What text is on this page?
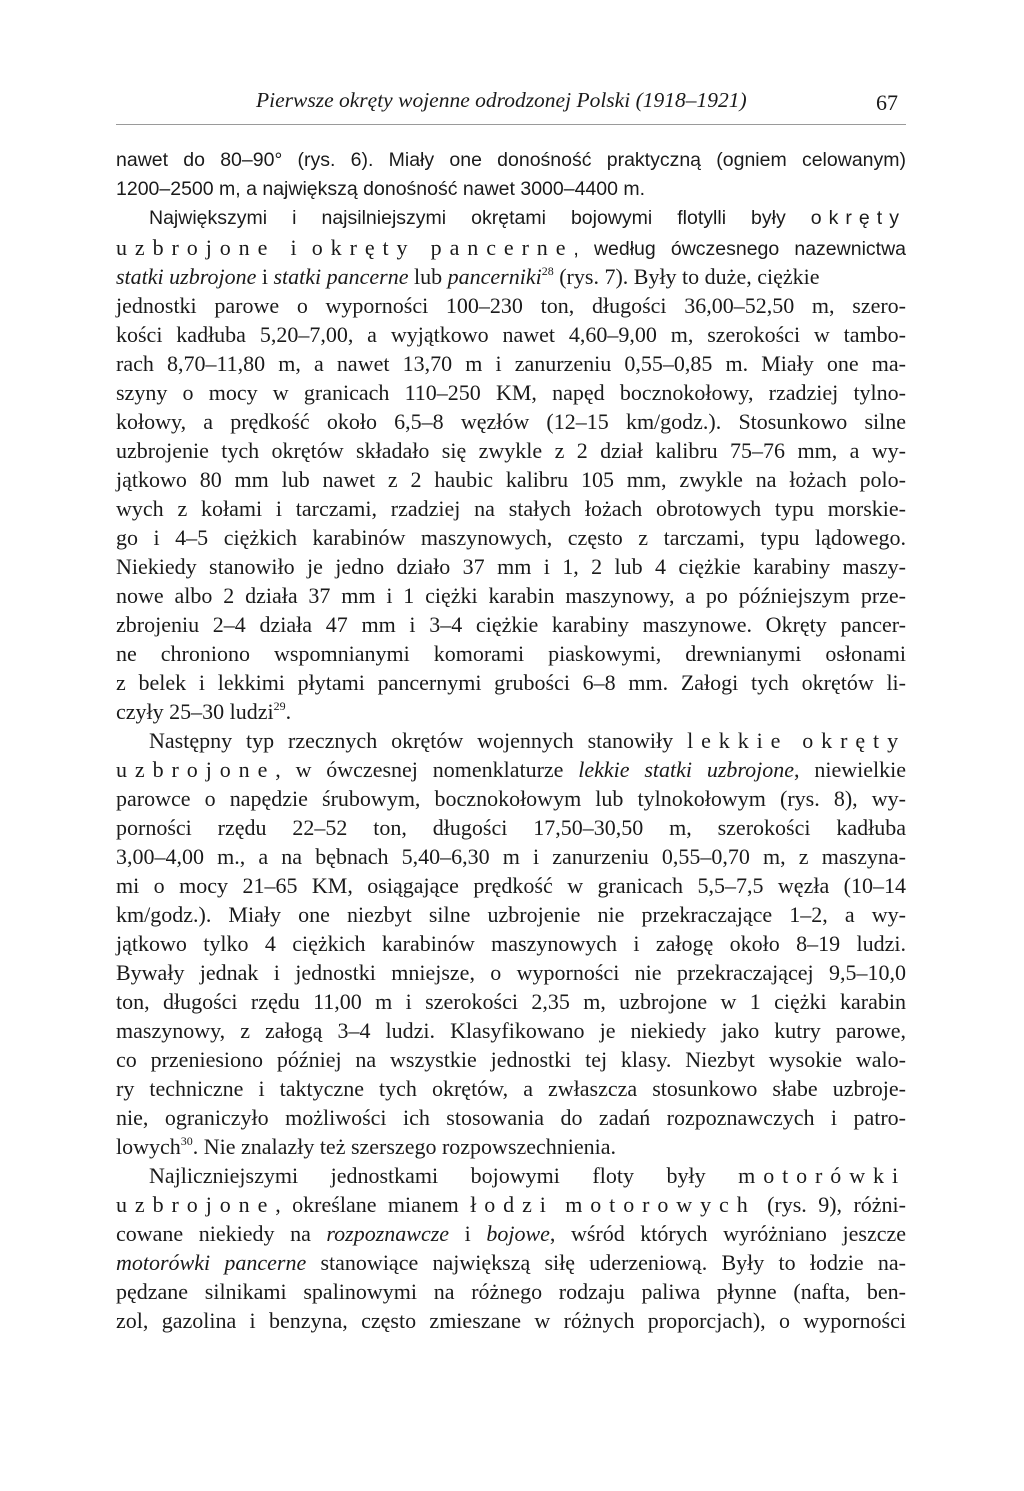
Pierwsze okręty wojenne odrodzonej Polski (1918–1921)	67
nawet do 80–90° (rys. 6). Miały one donośność praktyczną (ogniem celowanym)
1200–2500 m, a największą donośność nawet 3000–4400 m.
Największymi i najsilniejszymi okrętami bojowymi flotylli były okręty
uzbrojone i okręty pancerne, według ówczesnego nazewnictwa
statki uzbrojone i statki pancerne lub pancerniki$^{28}$ (rys. 7). Były to duże, ciężkie
jednostki parowe o wyporności 100–230 ton, długości 36,00–52,50 m, szero-
kości kadłuba 5,20–7,00, a wyjątkowo nawet 4,60–9,00 m, szerokości w tambo-
rach 8,70–11,80 m, a nawet 13,70 m i zanurzeniu 0,55–0,85 m. Miały one ma-
szyny o mocy w granicach 110–250 KM, napęd bocznokołowy, rzadziej tylno-
kołowy, a prędkość około 6,5–8 węzłów (12–15 km/godz.). Stosunkowo silne
uzbrojenie tych okrętów składało się zwykle z 2 dział kalibru 75–76 mm, a wy-
jątkowo 80 mm lub nawet z 2 haubic kalibru 105 mm, zwykle na łożach polo-
wych z kołami i tarczami, rzadziej na stałych łożach obrotowych typu morskie-
go i 4–5 ciężkich karabinów maszynowych, często z tarczami, typu lądowego.
Niekiedy stanowiło je jedno działo 37 mm i 1, 2 lub 4 ciężkie karabiny maszy-
nowe albo 2 działa 37 mm i 1 ciężki karabin maszynowy, a po późniejszym prze-
zbrojeniu 2–4 działa 47 mm i 3–4 ciężkie karabiny maszynowe. Okręty pancer-
ne chroniono wspomnianymi komorami piaskowymi, drewnianymi osłonami
z belek i lekkimi płytami pancernymi grubości 6–8 mm. Załogi tych okrętów li-
czyły 25–30 ludzi$^{29}$.
Następny typ rzecznych okrętów wojennych stanowiły lekkie okręty
uzbrojone, w ówczesnej nomenklaturze lekkie statki uzbrojone, niewielkie
parowce o napędzie śrubowym, bocznokołowym lub tylnokołowym (rys. 8), wy-
porności rzędu 22–52 ton, długości 17,50–30,50 m, szerokości kadłuba
3,00–4,00 m., a na bębnach 5,40–6,30 m i zanurzeniu 0,55–0,70 m, z maszyna-
mi o mocy 21–65 KM, osiągające prędkość w granicach 5,5–7,5 węzła (10–14
km/godz.). Miały one niezbyt silne uzbrojenie nie przekraczające 1–2, a wy-
jątkowo tylko 4 ciężkich karabinów maszynowych i załogę około 8–19 ludzi.
Bywały jednak i jednostki mniejsze, o wyporności nie przekraczającej 9,5–10,0
ton, długości rzędu 11,00 m i szerokości 2,35 m, uzbrojone w 1 ciężki karabin
maszynowy, z załogą 3–4 ludzi. Klasyfikowano je niekiedy jako kutry parowe,
co przeniesiono później na wszystkie jednostki tej klasy. Niezbyt wysokie walo-
ry techniczne i taktyczne tych okrętów, a zwłaszcza stosunkowo słabe uzbroje-
nie, ograniczyło możliwości ich stosowania do zadań rozpoznawczych i patro-
lowych$^{30}$. Nie znalazły też szerszego rozpowszechnienia.
Najliczniejszymi jednostkami bojowymi floty były motorówki
uzbrojone, określane mianem łodzi motorowych (rys. 9), różni-
cowane niekiedy na rozpoznawcze i bojowe, wśród których wyróżniano jeszcze
motorówki pancerne stanowiące największą siłę uderzeniową. Były to łodzie na-
pędzane silnikami spalinowymi na różnego rodzaju paliwa płynne (nafta, ben-
zol, gazolina i benzyna, często zmieszane w różnych proporcjach), o wyporności
